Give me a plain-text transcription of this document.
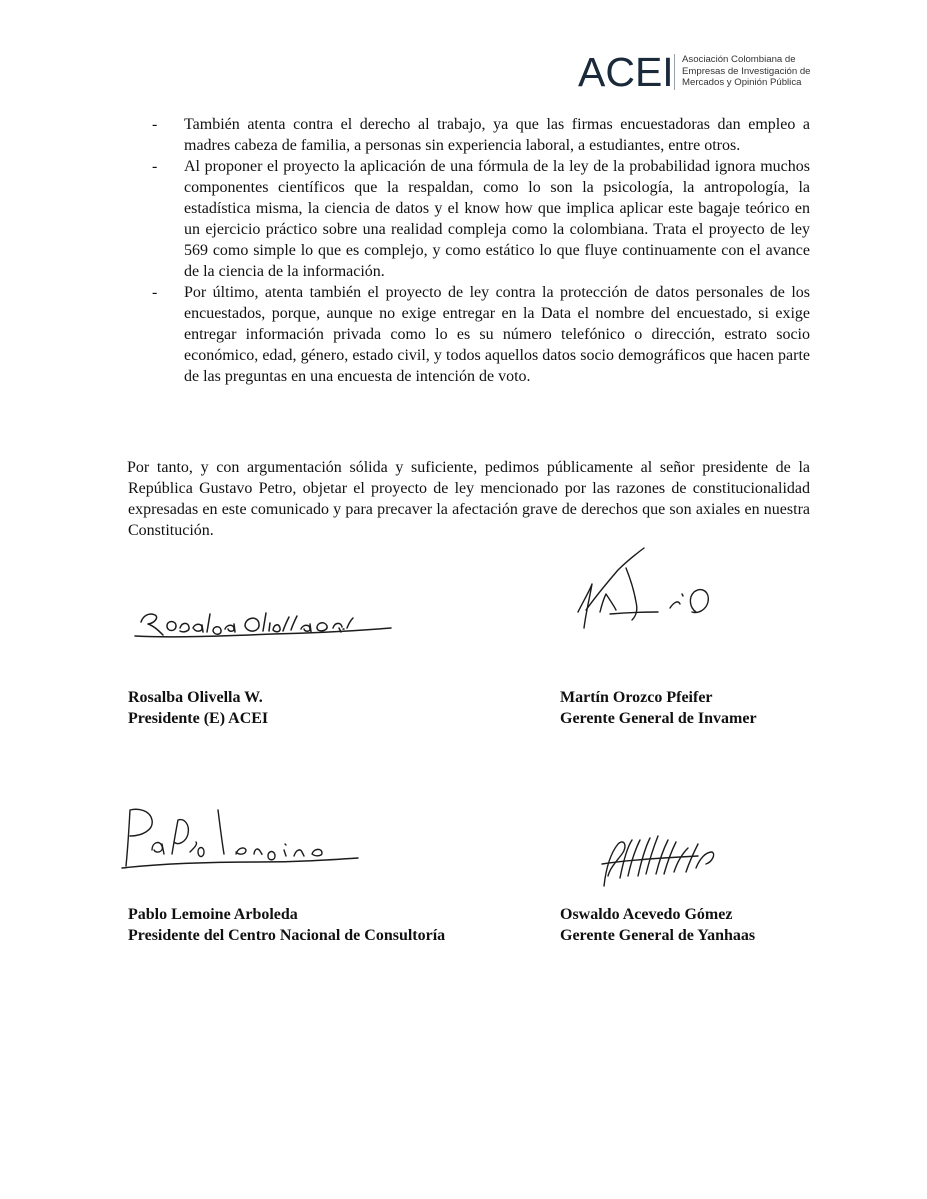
ACEI Asociación Colombiana de
Empresas de Investigación de
Mercados y Opinión Pública
- También atenta contra el derecho al trabajo, ya que las firmas encuestadoras dan empleo a madres cabeza de familia, a personas sin experiencia laboral, a estudiantes, entre otros.
- Al proponer el proyecto la aplicación de una fórmula de la ley de la probabilidad ignora muchos componentes científicos que la respaldan, como lo son la psicología, la antropología, la estadística misma, la ciencia de datos y el know how que implica aplicar este bagaje teórico en un ejercicio práctico sobre una realidad compleja como la colombiana. Trata el proyecto de ley 569 como simple lo que es complejo, y como estático lo que fluye continuamente con el avance de la ciencia de la información.
- Por último, atenta también el proyecto de ley contra la protección de datos personales de los encuestados, porque, aunque no exige entregar en la Data el nombre del encuestado, si exige entregar información privada como lo es su número telefónico o dirección, estrato socio económico, edad, género, estado civil, y todos aquellos datos socio demográficos que hacen parte de las preguntas en una encuesta de intención de voto.

Por tanto, y con argumentación sólida y suficiente, pedimos públicamente al señor presidente de la República Gustavo Petro, objetar el proyecto de ley mencionado por las razones de constitucionalidad expresadas en este comunicado y para precaver la afectación grave de derechos que son axiales en nuestra Constitución.

Rosalba Olivella W.
Presidente (E) ACEI
Martín Orozco Pfeifer
Gerente General de Invamer
Pablo Lemoine Arboleda
Presidente del Centro Nacional de Consultoría
Oswaldo Acevedo Gómez
Gerente General de Yanhaas
